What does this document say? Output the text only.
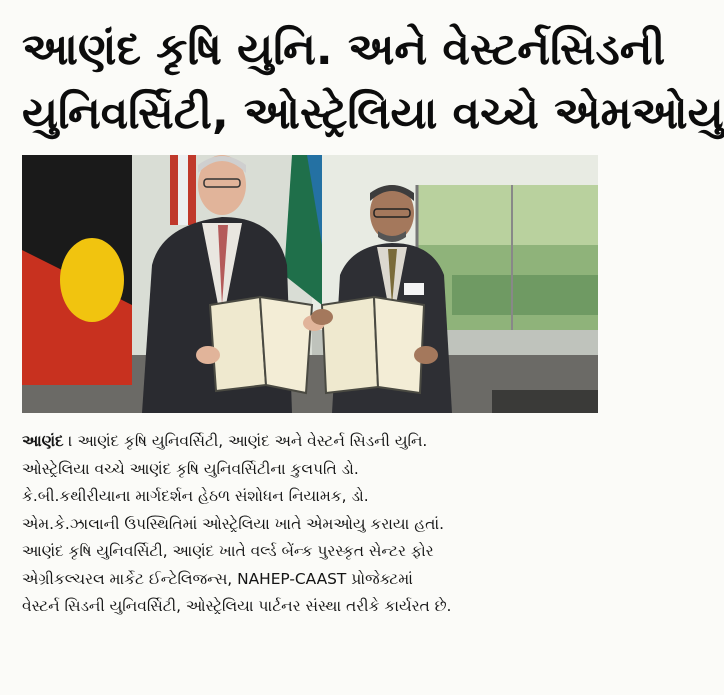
આણંદ કૃષિ યુનિ. અને વેસ્ટર્નસિડની
યુનિવર્સિટી, ઓસ્ટ્રેલિયા વચ્ચે એમઓયુ
આણંદ । આણંદ કૃષિ યુનિવર્સિટી, આણંદ અને વેસ્ટર્ન સિડની યુનિ.
ઓસ્ટ્રેલિયા વચ્ચે આણંદ કૃષિ યુનિવર્સિટીના કુલપતિ ડો.
કે.બી.કથીરીયાના માર્ગદર્શન હેઠળ સંશોધન નિયામક, ડો.
એમ.કે.ઝાલાની ઉપસ્થિતિમાં ઓસ્ટ્રેલિયા ખાતે એમઓયુ કરાયા હતાં.
આણંદ કૃષિ યુનિવર્સિટી, આણંદ ખાતે વર્લ્ડ બેંન્ક પુરસ્કૃત સેન્ટર ફોર
એગ્રીકલ્ચરલ માર્કેટ ઈન્ટેલિજન્સ, NAHEP-CAAST પ્રોજેક્ટમાં
વેસ્ટર્ન સિડની યુનિવર્સિટી, ઓસ્ટ્રેલિયા પાર્ટનર સંસ્થા તરીકે કાર્યરત છે.
